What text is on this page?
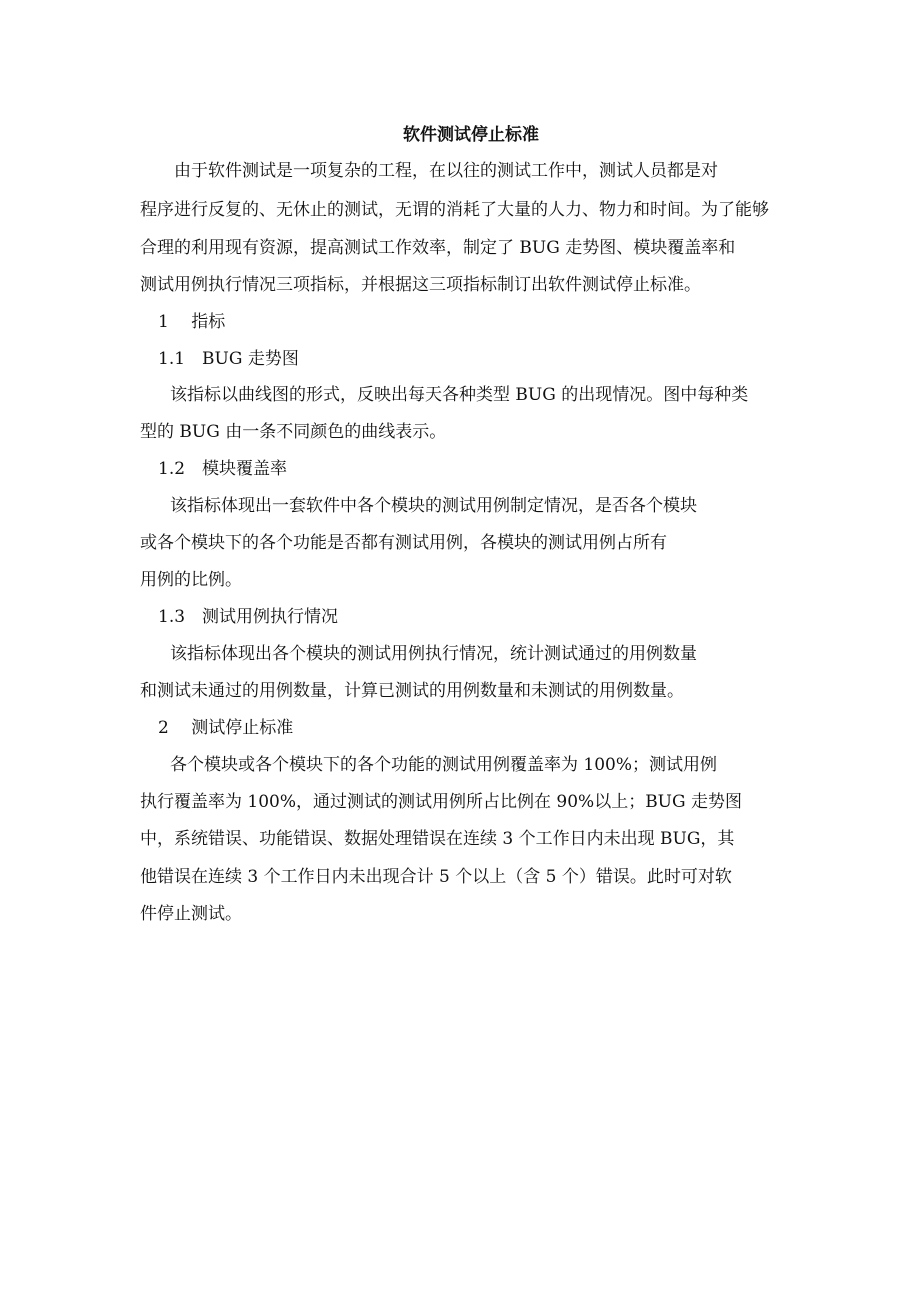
软件测试停止标准
由于软件测试是一项复杂的工程，在以往的测试工作中，测试人员都是对
程序进行反复的、无休止的测试，无谓的消耗了大量的人力、物力和时间。为了能够
合理的利用现有资源，提高测试工作效率，制定了 BUG 走势图、模块覆盖率和
测试用例执行情况三项指标，并根据这三项指标制订出软件测试停止标准。
1　 指标
1.1　BUG 走势图
该指标以曲线图的形式，反映出每天各种类型 BUG 的出现情况。图中每种类
型的 BUG 由一条不同颜色的曲线表示。
1.2　模块覆盖率
该指标体现出一套软件中各个模块的测试用例制定情况，是否各个模块
或各个模块下的各个功能是否都有测试用例，各模块的测试用例占所有
用例的比例。
1.3　测试用例执行情况
该指标体现出各个模块的测试用例执行情况，统计测试通过的用例数量
和测试未通过的用例数量，计算已测试的用例数量和未测试的用例数量。
2　 测试停止标准
各个模块或各个模块下的各个功能的测试用例覆盖率为 100%；测试用例
执行覆盖率为 100%，通过测试的测试用例所占比例在 90%以上；BUG 走势图
中，系统错误、功能错误、数据处理错误在连续 3 个工作日内未出现 BUG，其
他错误在连续 3 个工作日内未出现合计 5 个以上（含 5 个）错误。此时可对软
件停止测试。
